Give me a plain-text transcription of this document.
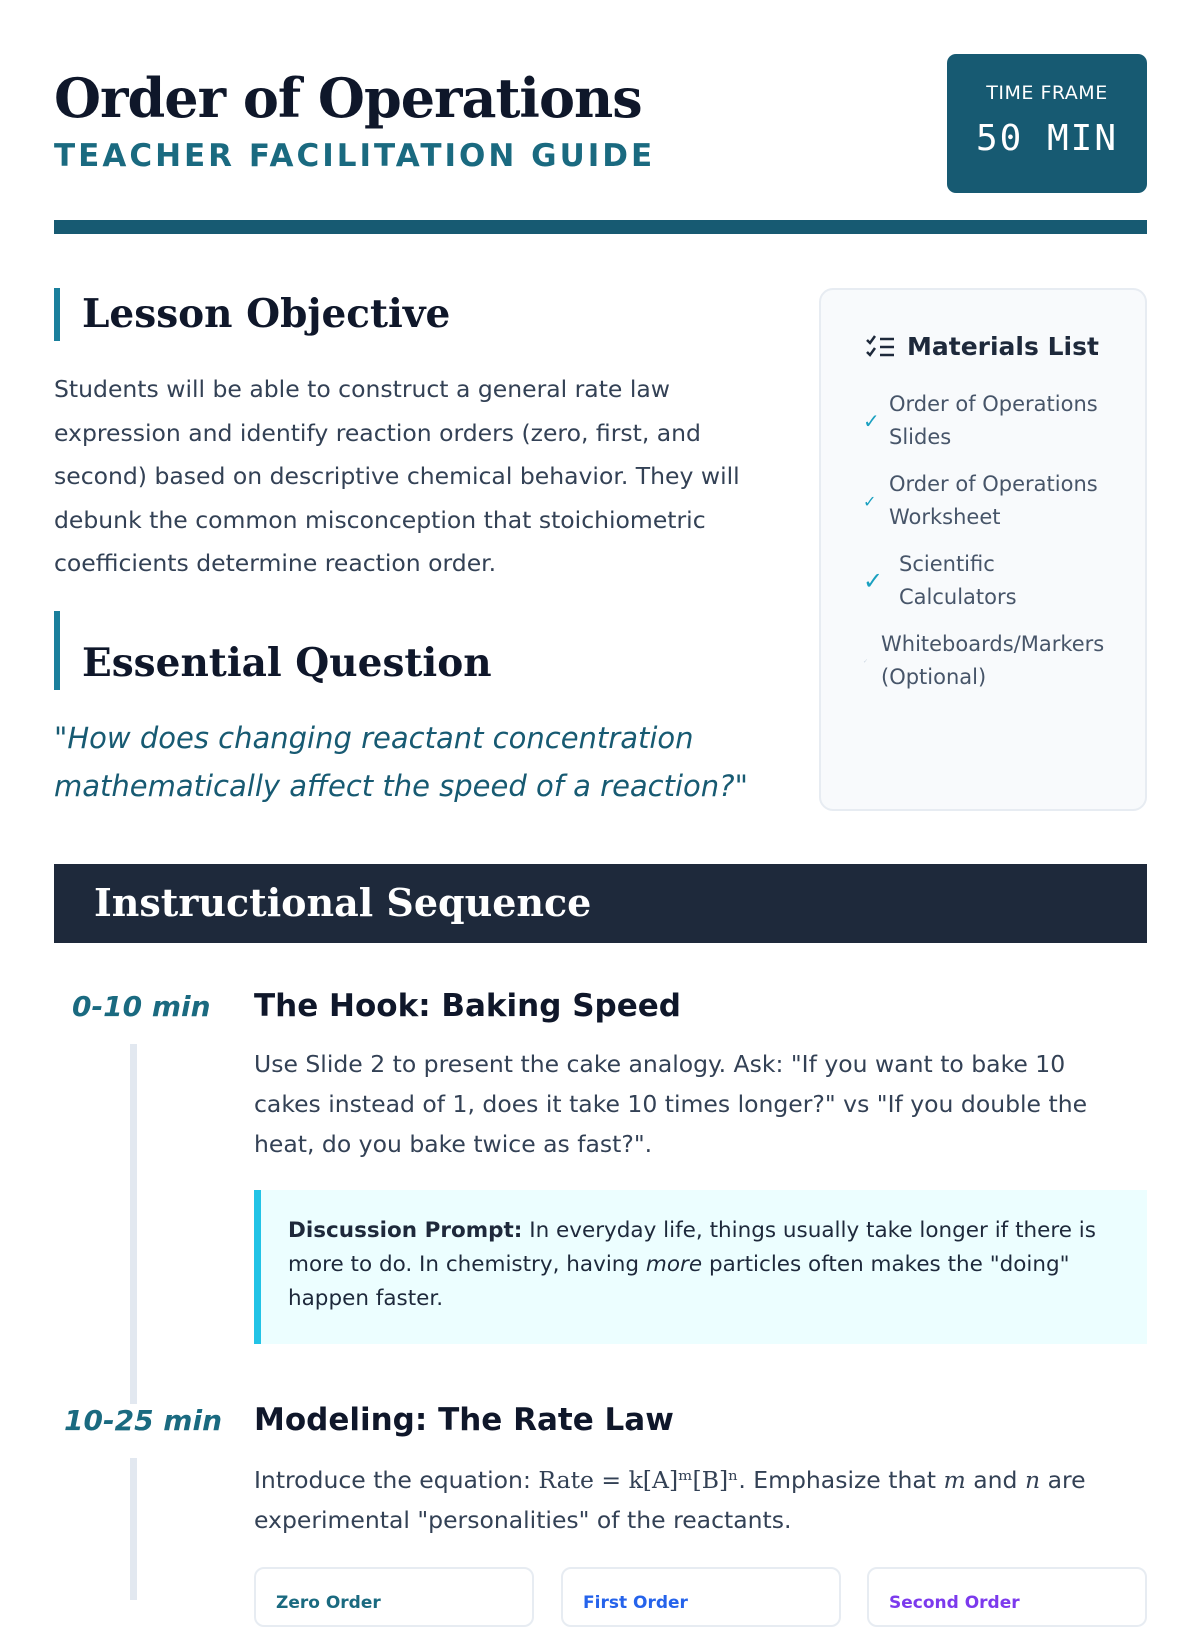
Order of Operations
TEACHER FACILITATION GUIDE
TIME FRAME
50 MIN
Lesson Objective
Students will be able to construct a general rate law expression and identify reaction orders (zero, first, and second) based on descriptive chemical behavior. They will debunk the common misconception that stoichiometric coefficients determine reaction order.
Essential Question
"How does changing reactant concentration mathematically affect the speed of a reaction?"
Materials List
✓
Order of Operations Slides
✓
Order of Operations Worksheet
✓
Scientific Calculators
✓
Whiteboards/Markers (Optional)
Instructional Sequence
0-10 min The Hook: Baking Speed
Use Slide 2 to present the cake analogy. Ask: "If you want to bake 10 cakes instead of 1, does it take 10 times longer?" vs "If you double the heat, do you bake twice as fast?".
Discussion Prompt: In everyday life, things usually take longer if there is more to do. In chemistry, having more particles often makes the "doing" happen faster.
10-25 min Modeling: The Rate Law
Introduce the equation: Rate = k[A]ᵐ[B]ⁿ. Emphasize that m and n are experimental "personalities" of the reactants.
Zero Order	First Order	Second Order
